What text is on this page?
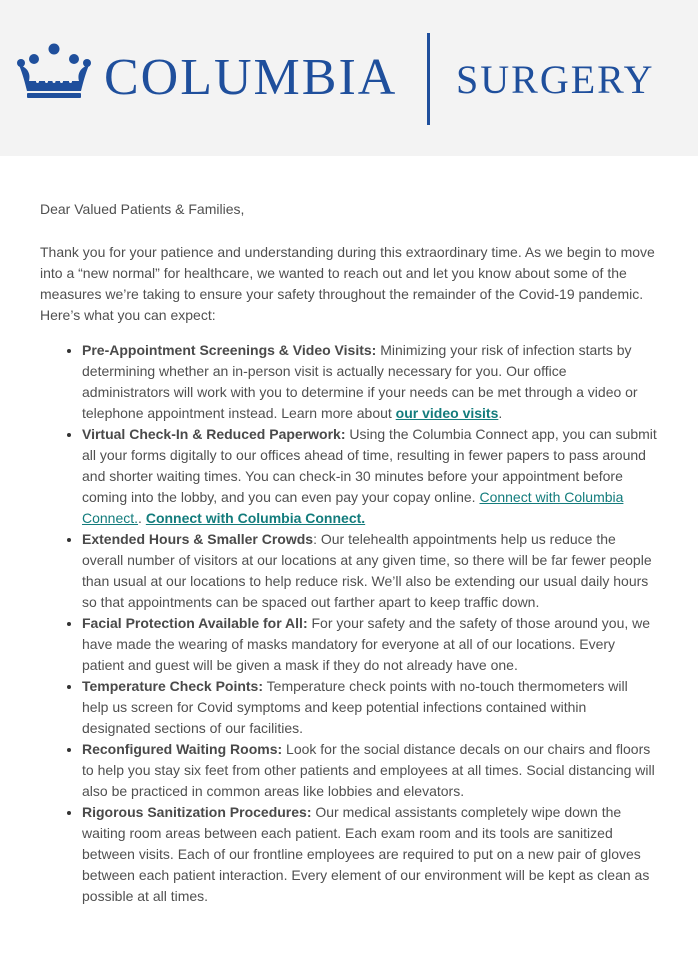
COLUMBIA SURGERY

Dear Valued Patients & Families,

Thank you for your patience and understanding during this extraordinary time. As we begin to move into a “new normal” for healthcare, we wanted to reach out and let you know about some of the measures we’re taking to ensure your safety throughout the remainder of the Covid-19 pandemic. Here’s what you can expect:

• Pre-Appointment Screenings & Video Visits: Minimizing your risk of infection starts by determining whether an in-person visit is actually necessary for you. Our office administrators will work with you to determine if your needs can be met through a video or telephone appointment instead. Learn more about our video visits.
• Virtual Check-In & Reduced Paperwork: Using the Columbia Connect app, you can submit all your forms digitally to our offices ahead of time, resulting in fewer papers to pass around and shorter waiting times. You can check-in 30 minutes before your appointment before coming into the lobby, and you can even pay your copay online. Connect with Columbia Connect.. Connect with Columbia Connect.
• Extended Hours & Smaller Crowds: Our telehealth appointments help us reduce the overall number of visitors at our locations at any given time, so there will be far fewer people than usual at our locations to help reduce risk. We’ll also be extending our usual daily hours so that appointments can be spaced out farther apart to keep traffic down.
• Facial Protection Available for All: For your safety and the safety of those around you, we have made the wearing of masks mandatory for everyone at all of our locations. Every patient and guest will be given a mask if they do not already have one.
• Temperature Check Points: Temperature check points with no-touch thermometers will help us screen for Covid symptoms and keep potential infections contained within designated sections of our facilities.
• Reconfigured Waiting Rooms: Look for the social distance decals on our chairs and floors to help you stay six feet from other patients and employees at all times. Social distancing will also be practiced in common areas like lobbies and elevators.
• Rigorous Sanitization Procedures: Our medical assistants completely wipe down the waiting room areas between each patient. Each exam room and its tools are sanitized between visits. Each of our frontline employees are required to put on a new pair of gloves between each patient interaction. Every element of our environment will be kept as clean as possible at all times.
